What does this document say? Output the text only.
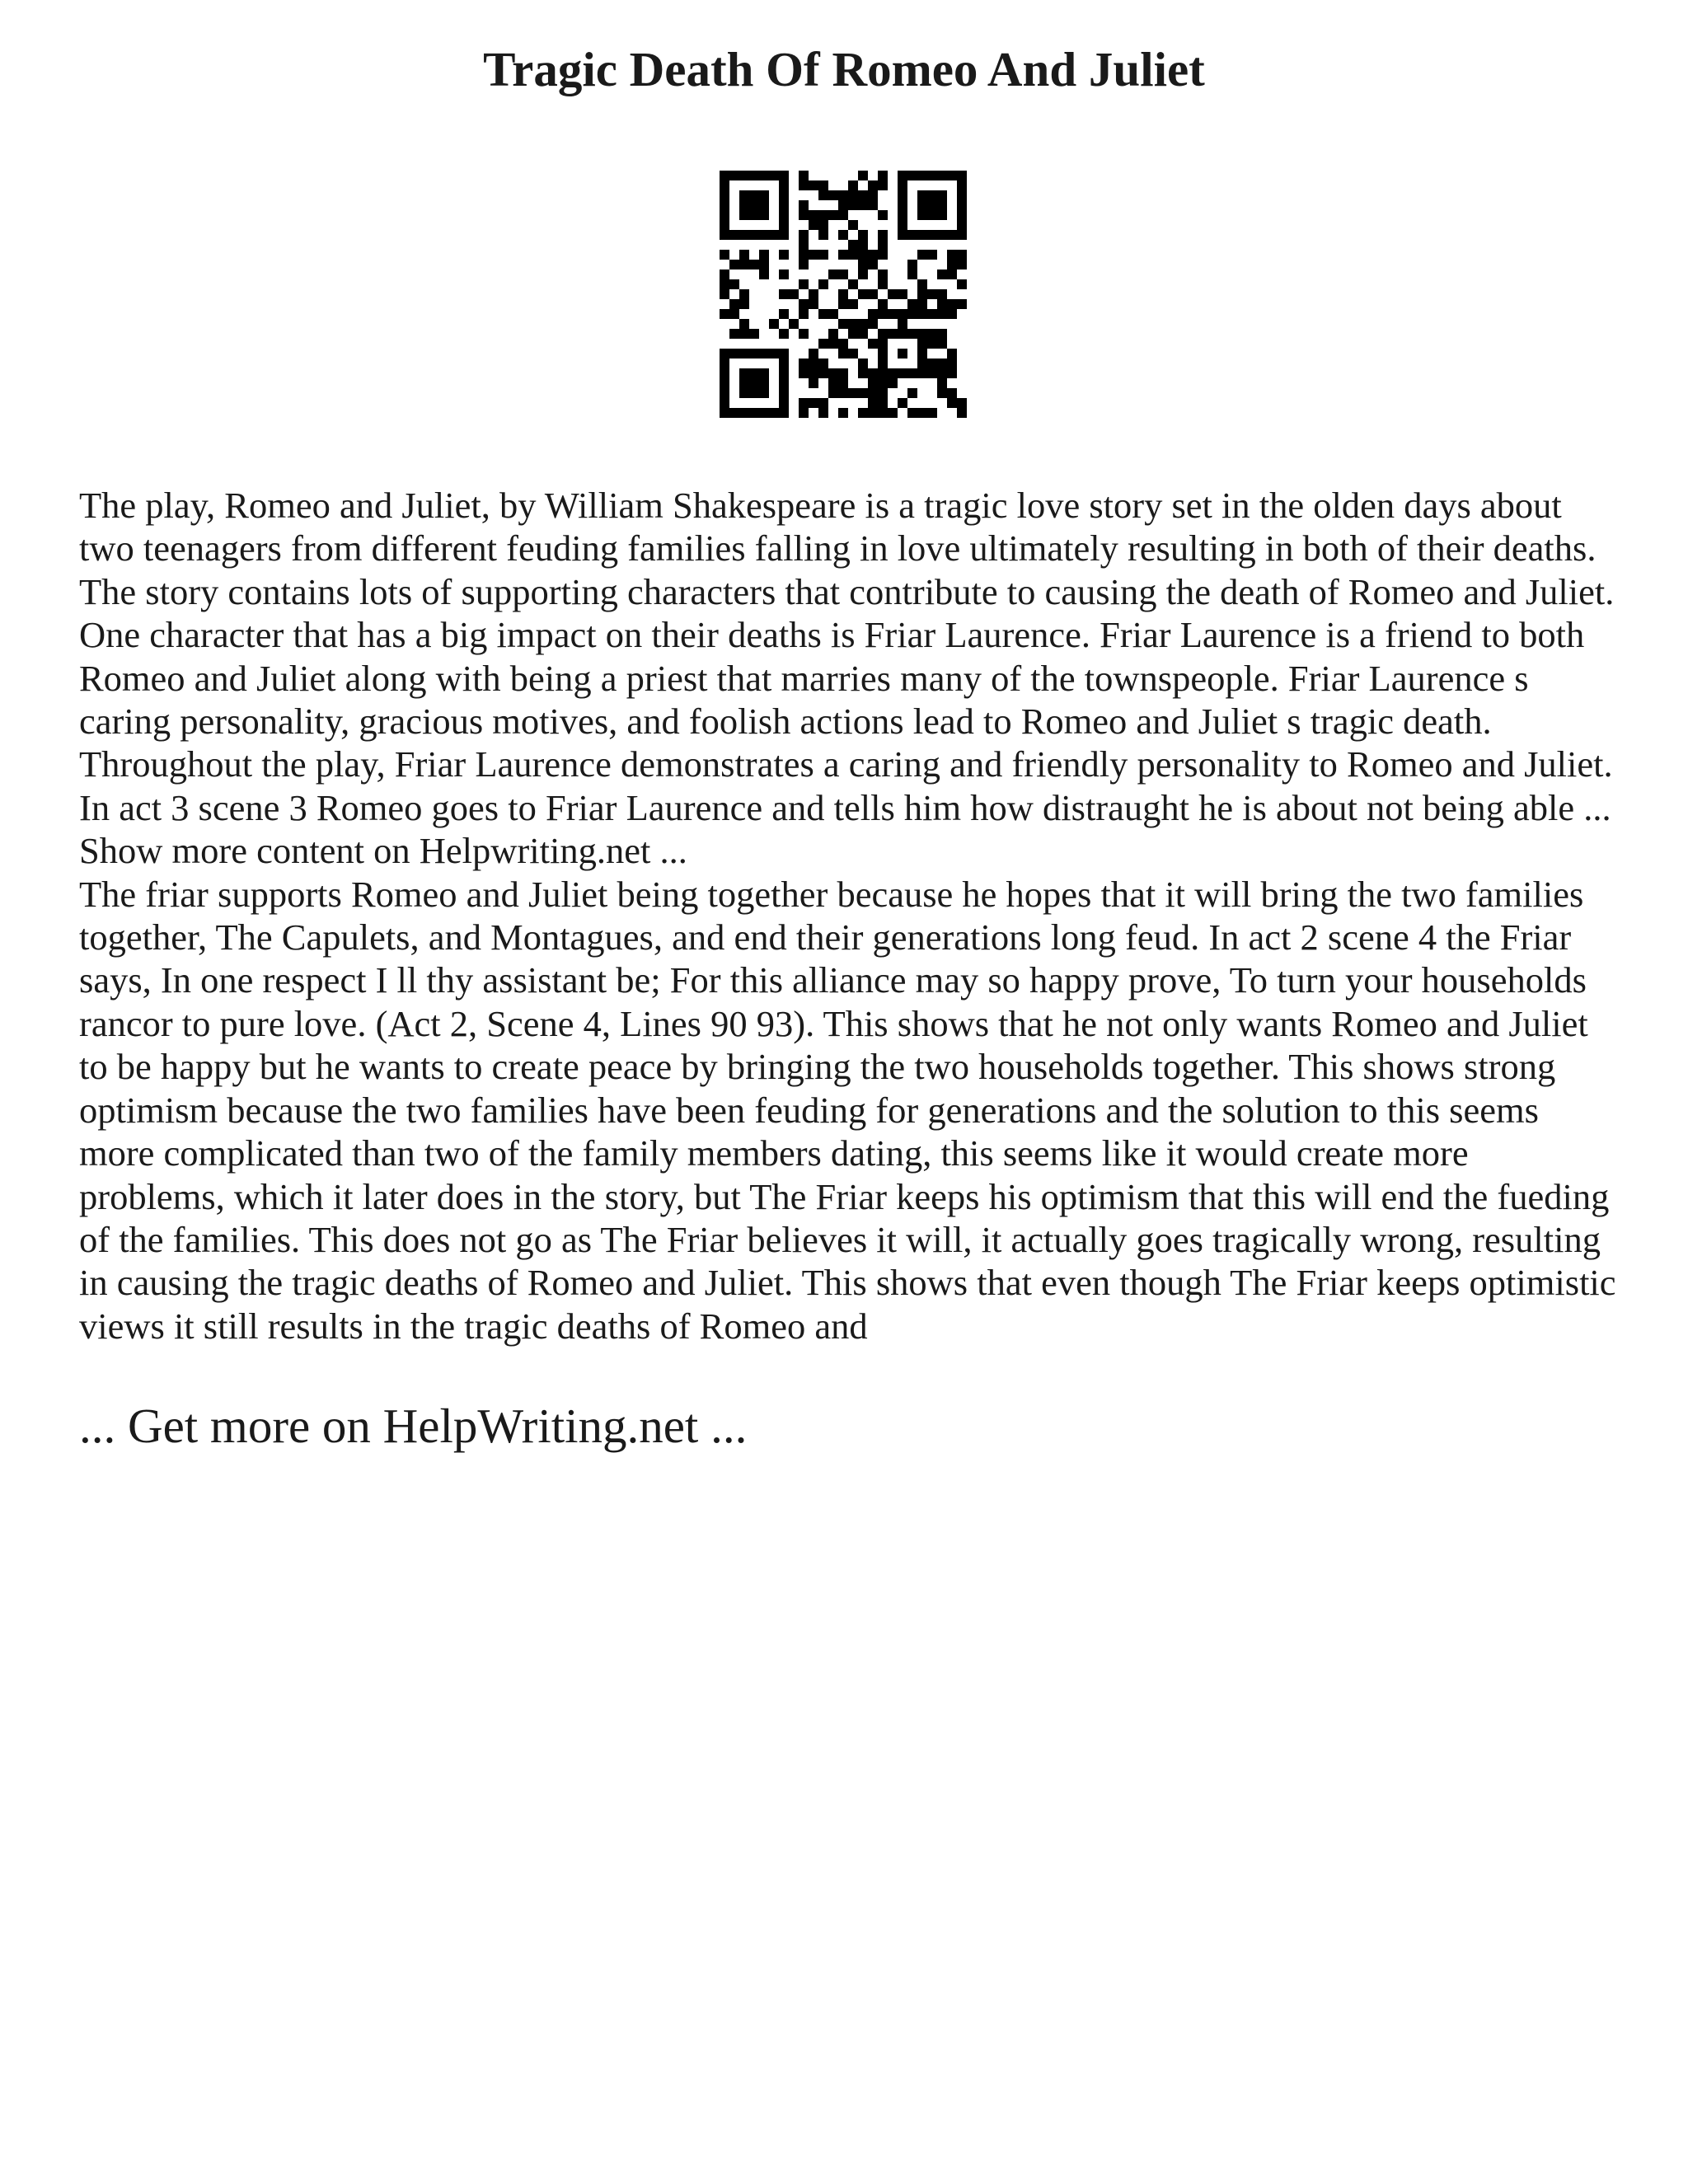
Tragic Death Of Romeo And Juliet

The play, Romeo and Juliet, by William Shakespeare is a tragic love story set in the olden days about two teenagers from different feuding families falling in love ultimately resulting in both of their deaths. The story contains lots of supporting characters that contribute to causing the death of Romeo and Juliet. One character that has a big impact on their deaths is Friar Laurence. Friar Laurence is a friend to both Romeo and Juliet along with being a priest that marries many of the townspeople. Friar Laurence s caring personality, gracious motives, and foolish actions lead to Romeo and Juliet s tragic death. Throughout the play, Friar Laurence demonstrates a caring and friendly personality to Romeo and Juliet. In act 3 scene 3 Romeo goes to Friar Laurence and tells him how distraught he is about not being able ... Show more content on Helpwriting.net ...

The friar supports Romeo and Juliet being together because he hopes that it will bring the two families together, The Capulets, and Montagues, and end their generations long feud. In act 2 scene 4 the Friar says, In one respect I ll thy assistant be; For this alliance may so happy prove, To turn your households rancor to pure love. (Act 2, Scene 4, Lines 90 93). This shows that he not only wants Romeo and Juliet to be happy but he wants to create peace by bringing the two households together. This shows strong optimism because the two families have been feuding for generations and the solution to this seems more complicated than two of the family members dating, this seems like it would create more problems, which it later does in the story, but The Friar keeps his optimism that this will end the fueding of the families. This does not go as The Friar believes it will, it actually goes tragically wrong, resulting in causing the tragic deaths of Romeo and Juliet. This shows that even though The Friar keeps optimistic views it still results in the tragic deaths of Romeo and

... Get more on HelpWriting.net ...
